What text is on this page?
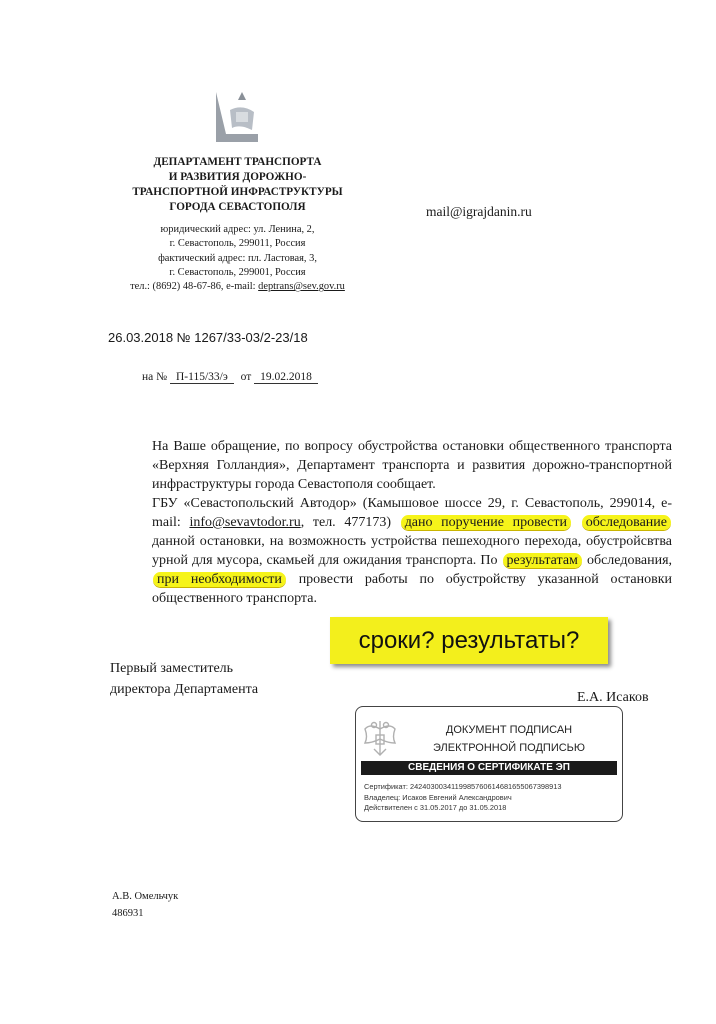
ДЕПАРТАМЕНТ ТРАНСПОРТА
И РАЗВИТИЯ ДОРОЖНО-
ТРАНСПОРТНОЙ ИНФРАСТРУКТУРЫ
ГОРОДА СЕВАСТОПОЛЯ
юридический адрес: ул. Ленина, 2,
г. Севастополь, 299011, Россия
фактический адрес: пл. Ластовая, 3,
г. Севастополь, 299001, Россия
тел.: (8692) 48-67-86, e-mail: deptrans@sev.gov.ru
mail@igrajdanin.ru
26.03.2018 № 1267/33-03/2-23/18
на № П-115/33/э от 19.02.2018

На Ваше обращение, по вопросу обустройства остановки общественного транспорта «Верхняя Голландия», Департамент транспорта и развития дорожно-транспортной инфраструктуры города Севастополя сообщает.

ГБУ «Севастопольский Автодор» (Камышовое шоссе 29, г. Севастополь, 299014, e-mail: info@sevavtodor.ru, тел. 477173) дано поручение провести обследование данной остановки, на возможность устройства пешеходного перехода, обустройсвтва урной для мусора, скамьей для ожидания транспорта. По результатам обследования, при необходимости провести работы по обустройству указанной остановки общественного транспорта.

сроки? результаты?
Первый заместитель
директора Департамента
Е.А. Исаков
ДОКУМЕНТ ПОДПИСАН
ЭЛЕКТРОННОЙ ПОДПИСЬЮ
СВЕДЕНИЯ О СЕРТИФИКАТЕ ЭП
Сертификат: 2424030034119985760614681655067398913
Владелец: Исаков Евгений Александрович
Действителен с 31.05.2017 до 31.05.2018
А.В. Омельчук
486931
